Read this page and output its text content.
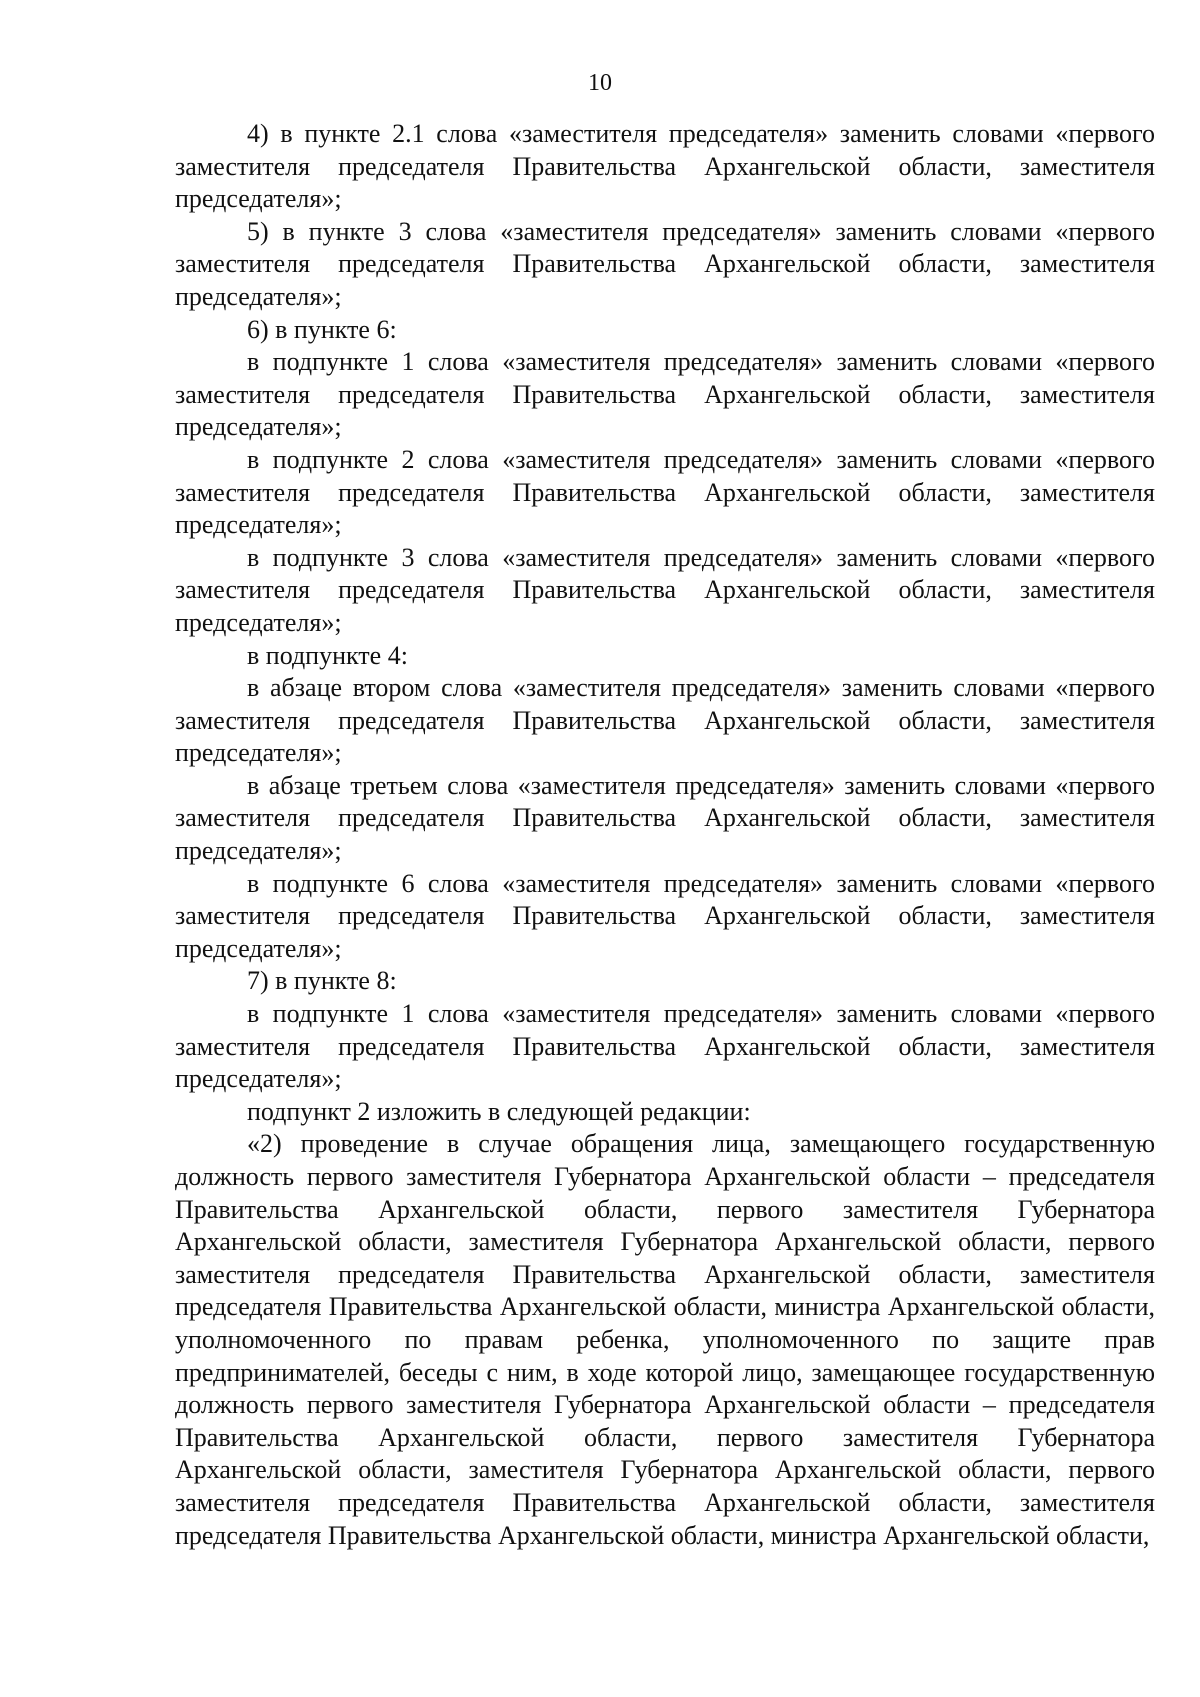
10

4) в пункте 2.1 слова «заместителя председателя» заменить словами «первого заместителя председателя Правительства Архангельской области, заместителя председателя»;

5) в пункте 3 слова «заместителя председателя» заменить словами «первого заместителя председателя Правительства Архангельской области, заместителя председателя»;

6) в пункте 6:

в подпункте 1 слова «заместителя председателя» заменить словами «первого заместителя председателя Правительства Архангельской области, заместителя председателя»;

в подпункте 2 слова «заместителя председателя» заменить словами «первого заместителя председателя Правительства Архангельской области, заместителя председателя»;

в подпункте 3 слова «заместителя председателя» заменить словами «первого заместителя председателя Правительства Архангельской области, заместителя председателя»;

в подпункте 4:

в абзаце втором слова «заместителя председателя» заменить словами «первого заместителя председателя Правительства Архангельской области, заместителя председателя»;

в абзаце третьем слова «заместителя председателя» заменить словами «первого заместителя председателя Правительства Архангельской области, заместителя председателя»;

в подпункте 6 слова «заместителя председателя» заменить словами «первого заместителя председателя Правительства Архангельской области, заместителя председателя»;

7) в пункте 8:

в подпункте 1 слова «заместителя председателя» заменить словами «первого заместителя председателя Правительства Архангельской области, заместителя председателя»;

подпункт 2 изложить в следующей редакции:

«2) проведение в случае обращения лица, замещающего государственную должность первого заместителя Губернатора Архангельской области – председателя Правительства Архангельской области, первого заместителя Губернатора Архангельской области, заместителя Губернатора Архангельской области, первого заместителя председателя Правительства Архангельской области, заместителя председателя Правительства Архангельской области, министра Архангельской области, уполномоченного по правам ребенка, уполномоченного по защите прав предпринимателей, беседы с ним, в ходе которой лицо, замещающее государственную должность первого заместителя Губернатора Архангельской области – председателя Правительства Архангельской области, первого заместителя Губернатора Архангельской области, заместителя Губернатора Архангельской области, первого заместителя председателя Правительства Архангельской области, заместителя председателя Правительства Архангельской области, министра Архангельской области,
